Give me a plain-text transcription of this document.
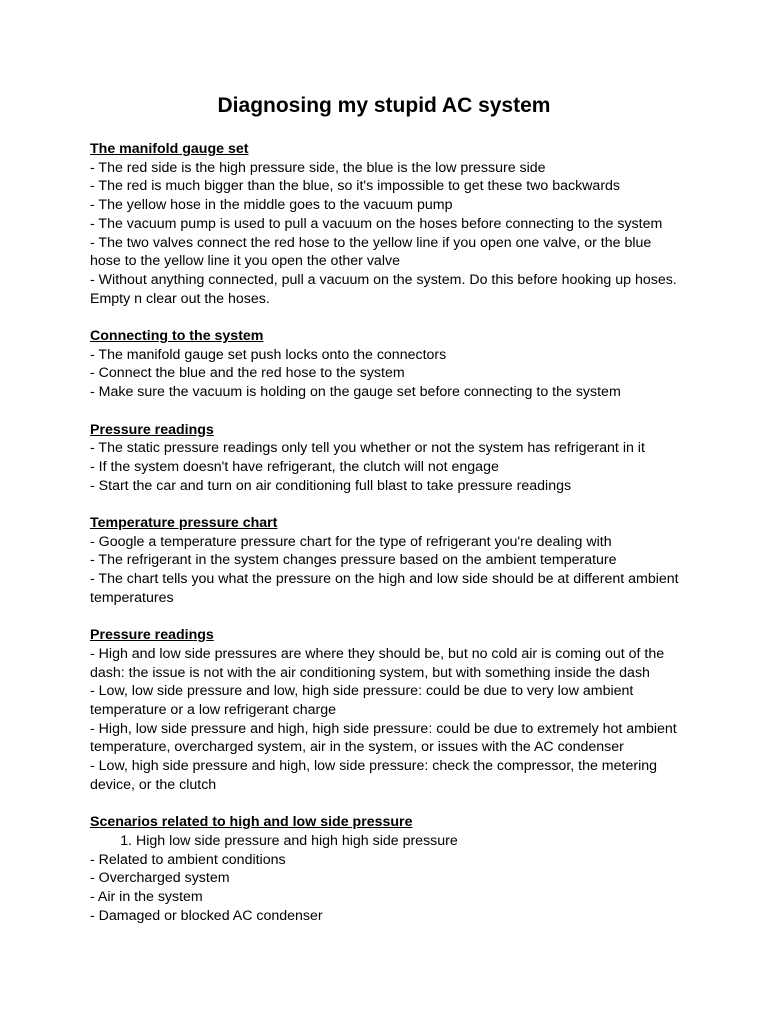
Diagnosing my stupid AC system

The manifold gauge set

- The red side is the high pressure side, the blue is the low pressure side

- The red is much bigger than the blue, so it's impossible to get these two backwards

- The yellow hose in the middle goes to the vacuum pump

- The vacuum pump is used to pull a vacuum on the hoses before connecting to the system

- The two valves connect the red hose to the yellow line if you open one valve, or the blue hose to the yellow line it you open the other valve

- Without anything connected, pull a vacuum on the system. Do this before hooking up hoses. Empty n clear out the hoses.

Connecting to the system

- The manifold gauge set push locks onto the connectors

- Connect the blue and the red hose to the system

- Make sure the vacuum is holding on the gauge set before connecting to the system

Pressure readings

- The static pressure readings only tell you whether or not the system has refrigerant in it

- If the system doesn't have refrigerant, the clutch will not engage

- Start the car and turn on air conditioning full blast to take pressure readings

Temperature pressure chart

- Google a temperature pressure chart for the type of refrigerant you're dealing with

- The refrigerant in the system changes pressure based on the ambient temperature

- The chart tells you what the pressure on the high and low side should be at different ambient temperatures

Pressure readings

- High and low side pressures are where they should be, but no cold air is coming out of the dash: the issue is not with the air conditioning system, but with something inside the dash

- Low, low side pressure and low, high side pressure: could be due to very low ambient temperature or a low refrigerant charge

- High, low side pressure and high, high side pressure: could be due to extremely hot ambient temperature, overcharged system, air in the system, or issues with the AC condenser

- Low, high side pressure and high, low side pressure: check the compressor, the metering device, or the clutch

Scenarios related to high and low side pressure

1. High low side pressure and high high side pressure

- Related to ambient conditions

- Overcharged system

- Air in the system

- Damaged or blocked AC condenser
